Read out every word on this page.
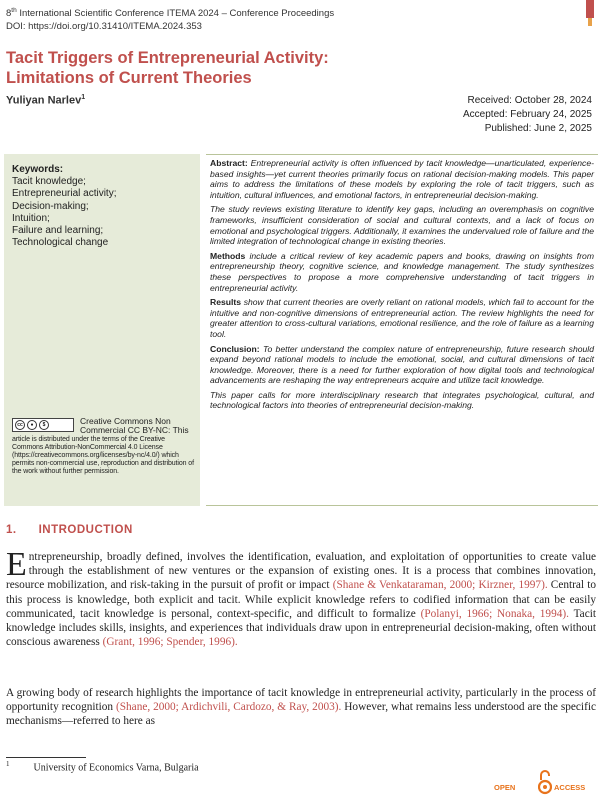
8th International Scientific Conference ITEMA 2024 – Conference Proceedings
DOI: https://doi.org/10.31410/ITEMA.2024.353
Tacit Triggers of Entrepreneurial Activity:
Limitations of Current Theories
Yuliyan Narlev$^1$	Received: October 28, 2024
Accepted: February 24, 2025
Published: June 2, 2025
Keywords:
Tacit knowledge;
Entrepreneurial activity;
Decision-making;
Intuition;
Failure and learning;
Technological change
cc	●	$	Creative Commons Non Commercial CC BY-NC: This
article is distributed under the terms of the Creative Commons Attribution-NonCommercial 4.0 License (https://creativecommons.org/licenses/by-nc/4.0/) which permits non-commercial use, reproduction and distribution of the work without further permission.

Abstract: Entrepreneurial activity is often influenced by tacit knowledge—unarticulated, experience-based insights—yet current theories primarily focus on rational decision-making models. This paper aims to address the limitations of these models by exploring the role of tacit triggers, such as intuition, cultural influences, and emotional factors, in entrepreneurial decision-making.

The study reviews existing literature to identify key gaps, including an overemphasis on cognitive frameworks, insufficient consideration of social and cultural contexts, and a lack of focus on emotional and psychological triggers. Additionally, it examines the undervalued role of failure and the limited integration of technological change in existing theories.

Methods include a critical review of key academic papers and books, drawing on insights from entrepreneurship theory, cognitive science, and knowledge management. The study synthesizes these perspectives to propose a more comprehensive understanding of tacit triggers in entrepreneurial activity.

Results show that current theories are overly reliant on rational models, which fail to account for the intuitive and non-cognitive dimensions of entrepreneurial action. The review highlights the need for greater attention to cross-cultural variations, emotional resilience, and the role of failure as a learning tool.

Conclusion: To better understand the complex nature of entrepreneurship, future research should expand beyond rational models to include the emotional, social, and cultural dimensions of tacit knowledge. Moreover, there is a need for further exploration of how digital tools and technological advancements are reshaping the way entrepreneurs acquire and utilize tacit knowledge.

This paper calls for more interdisciplinary research that integrates psychological, cultural, and technological factors into theories of entrepreneurial decision-making.

1. INTRODUCTION
Entrepreneurship, broadly defined, involves the identification, evaluation, and exploitation of opportunities to create value through the establishment of new ventures or the expansion of existing ones. It is a process that combines innovation, resource mobilization, and risk-taking in the pursuit of profit or impact (Shane & Venkataraman, 2000; Kirzner, 1997). Central to this process is knowledge, both explicit and tacit. While explicit knowledge refers to codified information that can be easily communicated, tacit knowledge is personal, context-specific, and difficult to formalize (Polanyi, 1966; Nonaka, 1994). Tacit knowledge includes skills, insights, and experiences that individuals draw upon in entrepreneurial decision-making, often without conscious awareness (Grant, 1996; Spender, 1996).
A growing body of research highlights the importance of tacit knowledge in entrepreneurial activity, particularly in the process of opportunity recognition (Shane, 2000; Ardichvili, Cardozo, & Ray, 2003). However, what remains less understood are the specific mechanisms—referred to here as
$^1$ University of Economics Varna, Bulgaria
OPEN	ACCESS
